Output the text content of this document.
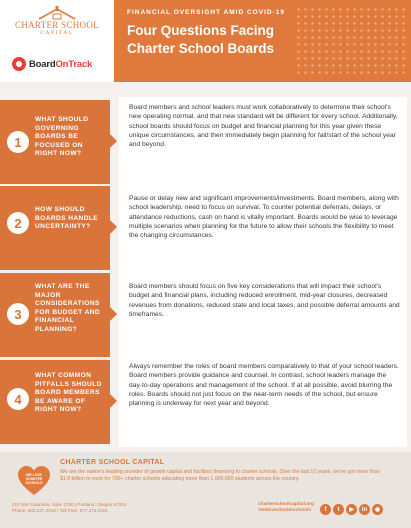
CHARTER SCHOOL
CAPITAL
BoardOnTrack
FINANCIAL OVERSIGHT AMID COVID-19
Four Questions Facing Charter School Boards
1
WHAT SHOULD GOVERNING BOARDS BE FOCUSED ON RIGHT NOW?

Board members and school leaders must work collaboratively to determine their school's new operating normal, and that new standard will be different for every school. Additionally, school boards should focus on budget and financial planning for this year given these unique circumstances, and then immediately begin planning for fall/start of the school year and beyond.

2
HOW SHOULD BOARDS HANDLE UNCERTAINTY?

Pause or delay new and significant improvements/investments. Board members, along with school leadership, need to focus on survival. To counter potential deferrals, delays, or attendance reductions, cash on hand is vitally important. Boards would be wise to leverage multiple scenarios when planning for the future to allow their schools the flexibility to meet the changing circumstances.

3
WHAT ARE THE MAJOR CONSIDERATIONS FOR BUDGET AND FINANCIAL PLANNING?

Board members should focus on five key considerations that will impact their school's budget and financial plans, including reduced enrollment, mid-year closures, decreased revenues from donations, reduced state and local taxes, and possible deferral amounts and timeframes.

4
WHAT COMMON PITFALLS SHOULD BOARD MEMBERS BE AWARE OF RIGHT NOW?

Always remember the roles of board members comparatively to that of your school leaders. Board members provide guidance and counsel. In contrast, school leaders manage the day-to-day operations and management of the school. If at all possible, avoid blurring the roles. Boards should not just focus on the near-term needs of the school, but ensure planning is underway for next year and beyond.

WE LOVE CHARTER SCHOOLS
CHARTER SCHOOL CAPITAL
We are the nation's leading provider of growth capital and facilities financing to charter schools. Over the last 10 years, we've put more than $1.8 billion to work for 700+ charter schools educating more than 1,000,000 students across the country.
222 SW Columbia, Suite 1750 | Portland, Oregon 97201
Phone: 503.227.2910 | Toll Free: 877.272.1001
charterschoolcapital.org
#welovecharterschools	f	t	▶	in	◉
